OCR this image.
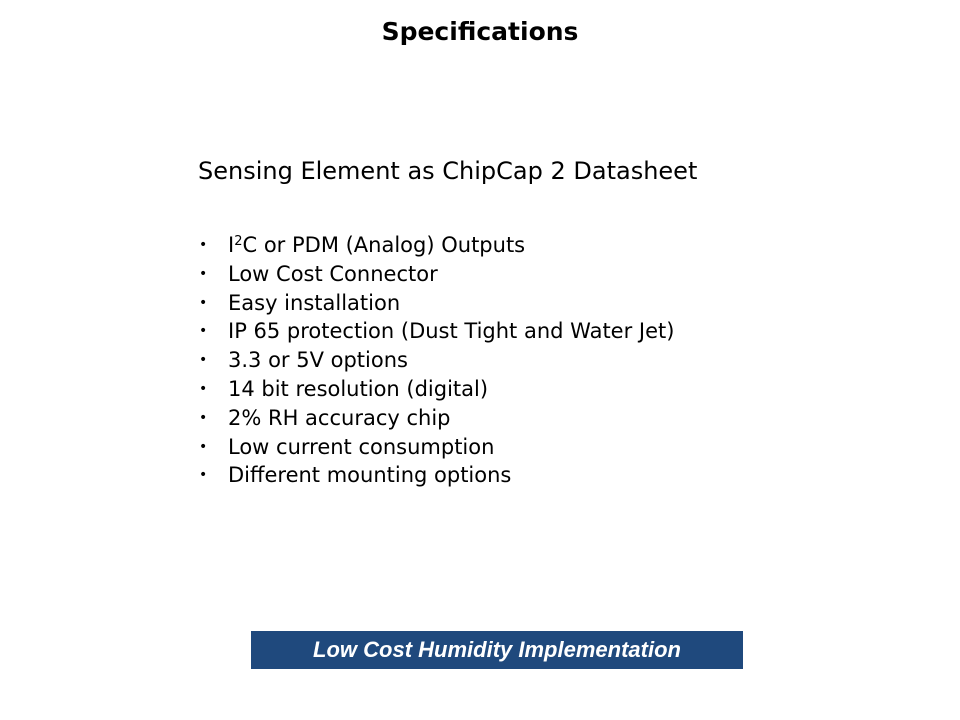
Specifications
Sensing Element as ChipCap 2 Datasheet
• $I^2C$ or PDM (Analog) Outputs
• Low Cost Connector
• Easy installation
• IP 65 protection (Dust Tight and Water Jet)
• 3.3 or 5V options
• 14 bit resolution (digital)
• 2% RH accuracy chip
• Low current consumption
• Different mounting options
Low Cost Humidity Implementation
